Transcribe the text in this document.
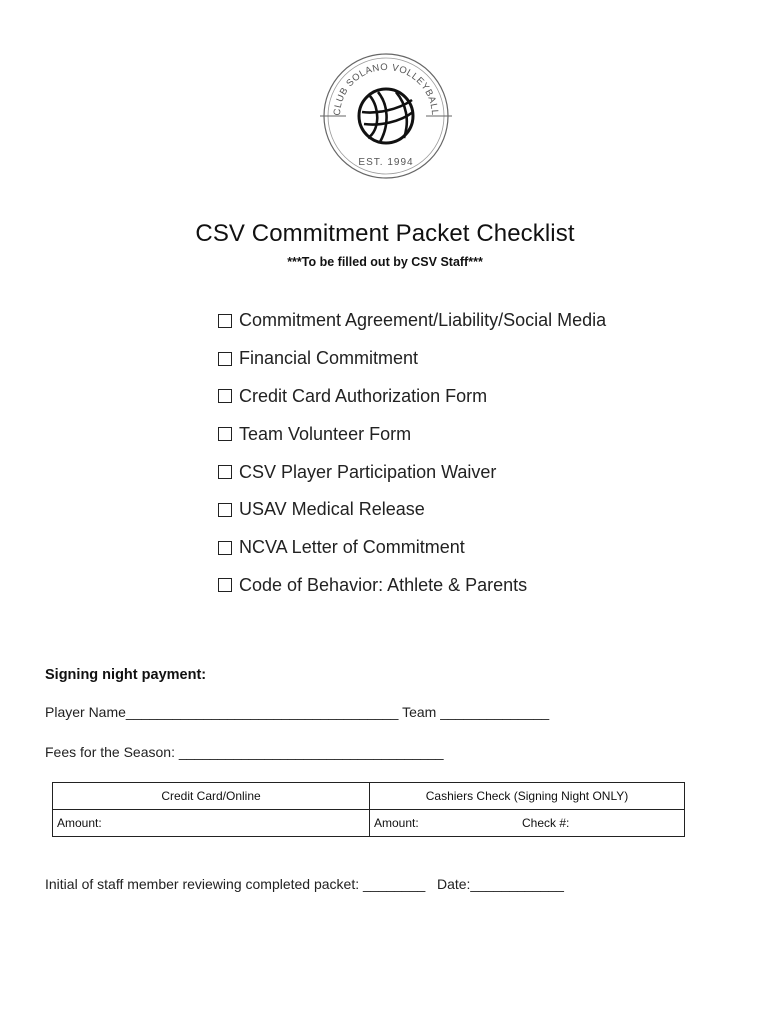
CLUB SOLANO VOLLEYBALL
EST. 1994
CSV Commitment Packet Checklist
***To be filled out by CSV Staff***
Commitment Agreement/Liability/Social Media
Financial Commitment
Credit Card Authorization Form
Team Volunteer Form
CSV Player Participation Waiver
USAV Medical Release
NCVA Letter of Commitment
Code of Behavior: Athlete & Parents
Signing night payment:
Player Name___________________________________ Team ______________
Fees for the Season: __________________________________
Credit Card/Online	Cashiers Check (Signing Night ONLY)
Amount:	Amount: Check #:
Initial of staff member reviewing completed packet: ________   Date:____________
